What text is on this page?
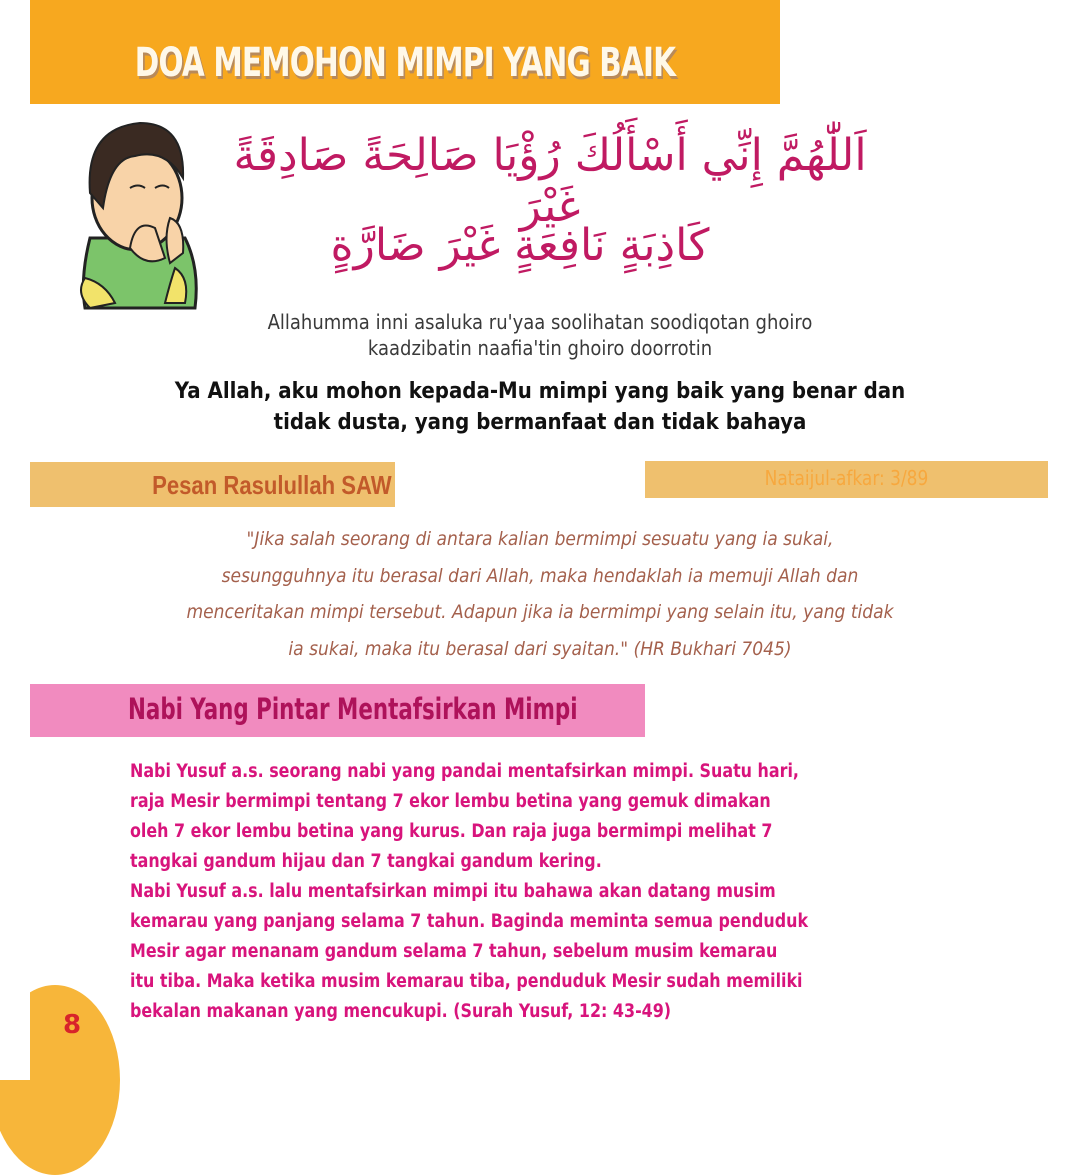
8
DOA MEMOHON MIMPI YANG BAIK
اَللّٰهُمَّ إِنِّي أَسْأَلُكَ رُؤْيَا صَالِحَةً صَادِقَةً غَيْرَ
كَاذِبَةٍ نَافِعَةٍ غَيْرَ ضَارَّةٍ
Allahumma inni asaluka ru'yaa soolihatan soodiqotan ghoiro
kaadzibatin naafia'tin ghoiro doorrotin
Ya Allah, aku mohon kepada-Mu mimpi yang baik yang benar dan
tidak dusta, yang bermanfaat dan tidak bahaya
Pesan Rasulullah SAW	Nataijul-afkar: 3/89
"Jika salah seorang di antara kalian bermimpi sesuatu yang ia sukai,
sesungguhnya itu berasal dari Allah, maka hendaklah ia memuji Allah dan
menceritakan mimpi tersebut. Adapun jika ia bermimpi yang selain itu, yang tidak
ia sukai, maka itu berasal dari syaitan." (HR Bukhari 7045)
Nabi Yang Pintar Mentafsirkan Mimpi
Nabi Yusuf a.s. seorang nabi yang pandai mentafsirkan mimpi. Suatu hari,
raja Mesir bermimpi tentang 7 ekor lembu betina yang gemuk dimakan
oleh 7 ekor lembu betina yang kurus. Dan raja juga bermimpi melihat 7
tangkai gandum hijau dan 7 tangkai gandum kering.
Nabi Yusuf a.s. lalu mentafsirkan mimpi itu bahawa akan datang musim
kemarau yang panjang selama 7 tahun. Baginda meminta semua penduduk
Mesir agar menanam gandum selama 7 tahun, sebelum musim kemarau
itu tiba. Maka ketika musim kemarau tiba, penduduk Mesir sudah memiliki
bekalan makanan yang mencukupi. (Surah Yusuf, 12: 43-49)
